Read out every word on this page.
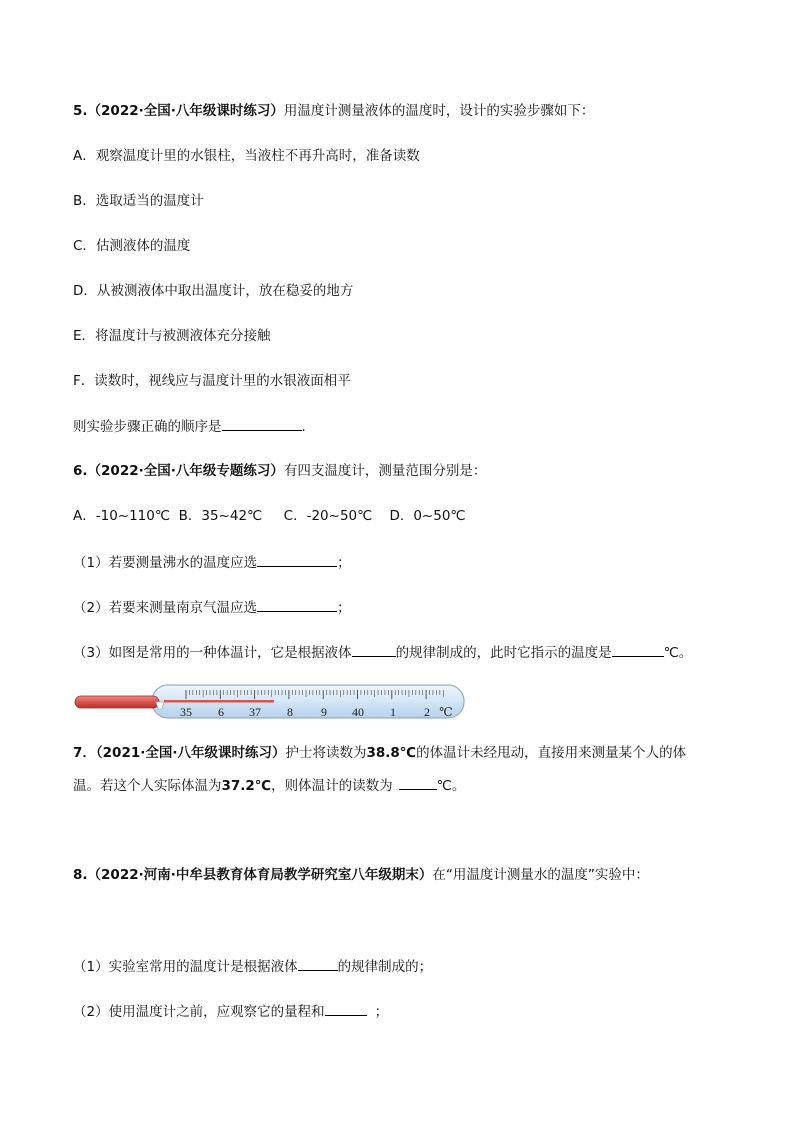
5.（2022·全国·八年级课时练习）用温度计测量液体的温度时，设计的实验步骤如下：
A．观察温度计里的水银柱，当液柱不再升高时，准备读数
B．选取适当的温度计
C．估测液体的温度
D．从被测液体中取出温度计，放在稳妥的地方
E．将温度计与被测液体充分接触
F．读数时，视线应与温度计里的水银液面相平
则实验步骤正确的顺序是	.
6.（2022·全国·八年级专题练习）有四支温度计，测量范围分别是：
A．-10~110℃  B．35~42℃     C．-20~50℃    D．0~50℃
（1）若要测量沸水的温度应选	；
（2）若要来测量南京气温应选	；
（3）如图是常用的一种体温计，它是根据液体	的规律制成的，此时它指示的温度是	℃。
35 6 37 8 9 40 1 2 ℃
7．（2021·全国·八年级课时练习）护士将读数为38.8℃的体温计未经甩动，直接用来测量某个人的体
温。若这个人实际体温为37.2℃，则体温计的读数为	℃。
8.（2022·河南·中牟县教育体育局教学研究室八年级期末）在“用温度计测量水的温度”实验中：
（1）实验室常用的温度计是根据液体	的规律制成的；
（2）使用温度计之前，应观察它的量程和	；
